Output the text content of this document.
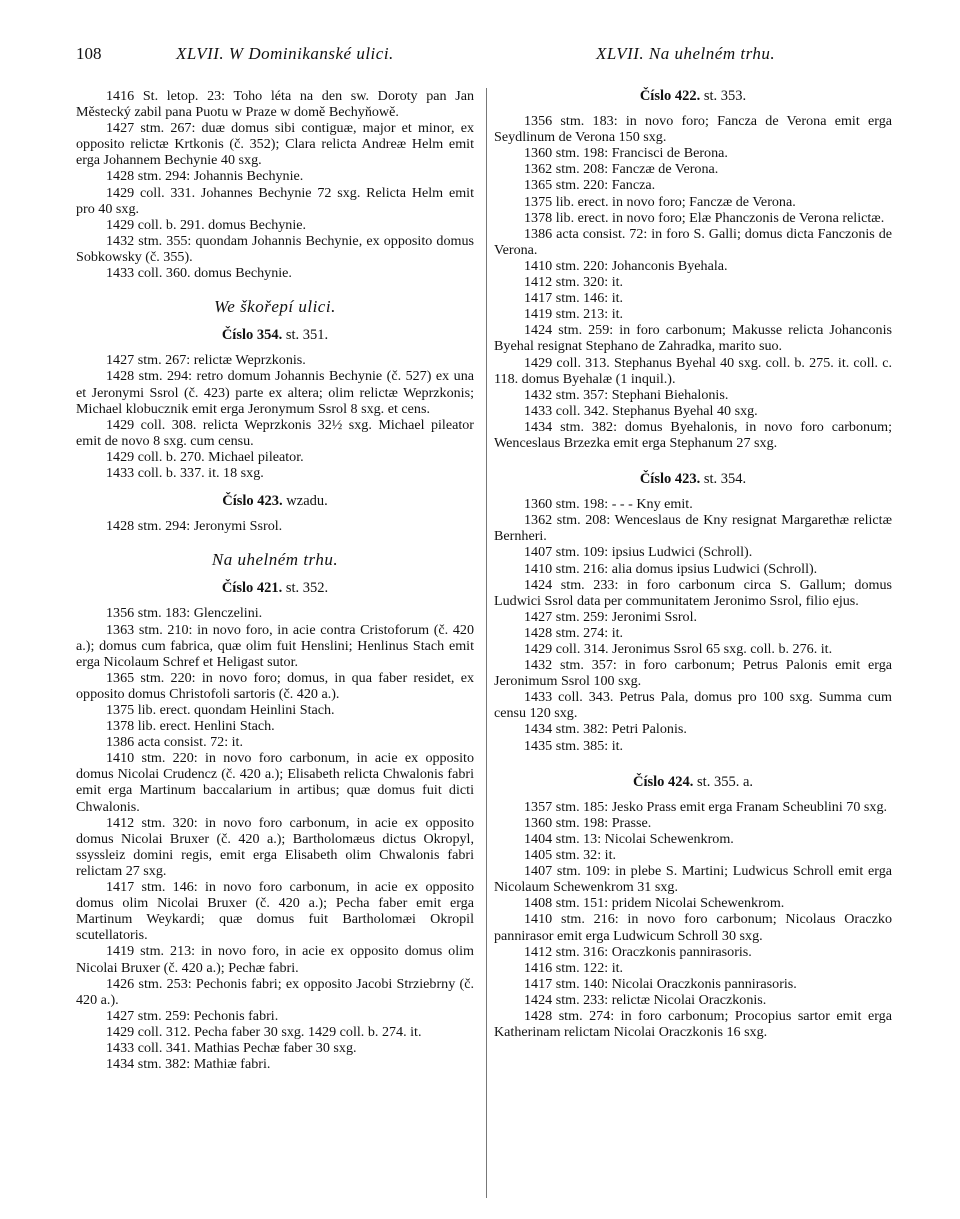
108	XLVII. W Dominikanské ulici.	XLVII. Na uhelném trhu.

1416 St. letop. 23: Toho léta na den sw. Doroty pan Jan Městecký zabil pana Puotu w Praze w domě Bechyňowě.

1427 stm. 267: duæ domus sibi contiguæ, major et minor, ex opposito relictæ Krtkonis (č. 352); Clara relicta Andreæ Helm emit erga Johannem Bechynie 40 sxg.

1428 stm. 294: Johannis Bechynie.

1429 coll. 331. Johannes Bechynie 72 sxg. Relicta Helm emit pro 40 sxg.

1429 coll. b. 291. domus Bechynie.

1432 stm. 355: quondam Johannis Bechynie, ex opposito domus Sobkowsky (č. 355).

1433 coll. 360. domus Bechynie.

We škořepí ulici.
Číslo 354. st. 351.

1427 stm. 267: relictæ Weprzkonis.

1428 stm. 294: retro domum Johannis Bechynie (č. 527) ex una et Jeronymi Ssrol (č. 423) parte ex altera; olim relictæ Weprzkonis; Michael klobucznik emit erga Jeronymum Ssrol 8 sxg. et cens.

1429 coll. 308. relicta Weprzkonis 32½ sxg. Michael pileator emit de novo 8 sxg. cum censu.

1429 coll. b. 270. Michael pileator.

1433 coll. b. 337. it. 18 sxg.

Číslo 423. wzadu.

1428 stm. 294: Jeronymi Ssrol.

Na uhelném trhu.
Číslo 421. st. 352.

1356 stm. 183: Glenczelini.

1363 stm. 210: in novo foro, in acie contra Cristoforum (č. 420 a.); domus cum fabrica, quæ olim fuit Henslini; Henlinus Stach emit erga Nicolaum Schref et Heligast sutor.

1365 stm. 220: in novo foro; domus, in qua faber residet, ex opposito domus Christofoli sartoris (č. 420 a.).

1375 lib. erect. quondam Heinlini Stach.

1378 lib. erect. Henlini Stach.

1386 acta consist. 72: it.

1410 stm. 220: in novo foro carbonum, in acie ex opposito domus Nicolai Crudencz (č. 420 a.); Elisabeth relicta Chwalonis fabri emit erga Martinum baccalarium in artibus; quæ domus fuit dicti Chwalonis.

1412 stm. 320: in novo foro carbonum, in acie ex opposito domus Nicolai Bruxer (č. 420 a.); Bartholomæus dictus Okropyl, ssyssleiz domini regis, emit erga Elisabeth olim Chwalonis fabri relictam 27 sxg.

1417 stm. 146: in novo foro carbonum, in acie ex opposito domus olim Nicolai Bruxer (č. 420 a.); Pecha faber emit erga Martinum Weykardi; quæ domus fuit Bartholomæi Okropil scutellatoris.

1419 stm. 213: in novo foro, in acie ex opposito domus olim Nicolai Bruxer (č. 420 a.); Pechæ fabri.

1426 stm. 253: Pechonis fabri; ex opposito Jacobi Strziebrny (č. 420 a.).

1427 stm. 259: Pechonis fabri.

1429 coll. 312. Pecha faber 30 sxg. 1429 coll. b. 274. it.

1433 coll. 341. Mathias Pechæ faber 30 sxg.

1434 stm. 382: Mathiæ fabri.

Číslo 422. st. 353.

1356 stm. 183: in novo foro; Fancza de Verona emit erga Seydlinum de Verona 150 sxg.

1360 stm. 198: Francisci de Berona.

1362 stm. 208: Fanczæ de Verona.

1365 stm. 220: Fancza.

1375 lib. erect. in novo foro; Fanczæ de Verona.

1378 lib. erect. in novo foro; Elæ Phanczonis de Verona relictæ.

1386 acta consist. 72: in foro S. Galli; domus dicta Fanczonis de Verona.

1410 stm. 220: Johanconis Byehala.

1412 stm. 320: it.

1417 stm. 146: it.

1419 stm. 213: it.

1424 stm. 259: in foro carbonum; Makusse relicta Johanconis Byehal resignat Stephano de Zahradka, marito suo.

1429 coll. 313. Stephanus Byehal 40 sxg. coll. b. 275. it. coll. c. 118. domus Byehalæ (1 inquil.).

1432 stm. 357: Stephani Biehalonis.

1433 coll. 342. Stephanus Byehal 40 sxg.

1434 stm. 382: domus Byehalonis, in novo foro carbonum; Wenceslaus Brzezka emit erga Stephanum 27 sxg.

Číslo 423. st. 354.

1360 stm. 198: - - - Kny emit.

1362 stm. 208: Wenceslaus de Kny resignat Margarethæ relictæ Bernheri.

1407 stm. 109: ipsius Ludwici (Schroll).

1410 stm. 216: alia domus ipsius Ludwici (Schroll).

1424 stm. 233: in foro carbonum circa S. Gallum; domus Ludwici Ssrol data per communitatem Jeronimo Ssrol, filio ejus.

1427 stm. 259: Jeronimi Ssrol.

1428 stm. 274: it.

1429 coll. 314. Jeronimus Ssrol 65 sxg. coll. b. 276. it.

1432 stm. 357: in foro carbonum; Petrus Palonis emit erga Jeronimum Ssrol 100 sxg.

1433 coll. 343. Petrus Pala, domus pro 100 sxg. Summa cum censu 120 sxg.

1434 stm. 382: Petri Palonis.

1435 stm. 385: it.

Číslo 424. st. 355. a.

1357 stm. 185: Jesko Prass emit erga Franam Scheublini 70 sxg.

1360 stm. 198: Prasse.

1404 stm. 13: Nicolai Schewenkrom.

1405 stm. 32: it.

1407 stm. 109: in plebe S. Martini; Ludwicus Schroll emit erga Nicolaum Schewenkrom 31 sxg.

1408 stm. 151: pridem Nicolai Schewenkrom.

1410 stm. 216: in novo foro carbonum; Nicolaus Oraczko pannirasor emit erga Ludwicum Schroll 30 sxg.

1412 stm. 316: Oraczkonis pannirasoris.

1416 stm. 122: it.

1417 stm. 140: Nicolai Oraczkonis pannirasoris.

1424 stm. 233: relictæ Nicolai Oraczkonis.

1428 stm. 274: in foro carbonum; Procopius sartor emit erga Katherinam relictam Nicolai Oraczkonis 16 sxg.
